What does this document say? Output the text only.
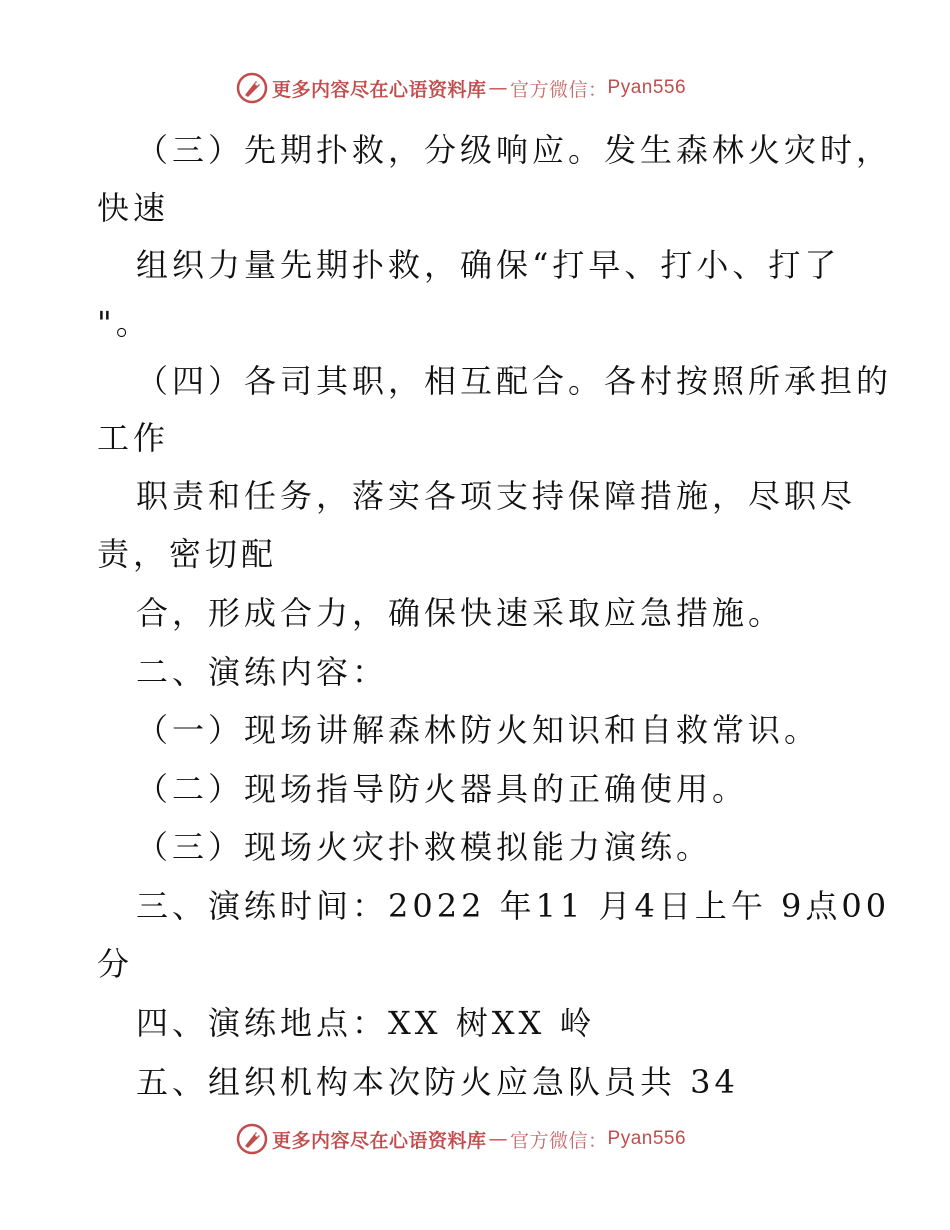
更多内容尽在心语资料库 — 官方微信： Pyan556
（三）先期扑救，分级响应。发生森林火灾时，
快速
组织力量先期扑救，确保“打早、打小、打了
"。
（四）各司其职，相互配合。各村按照所承担的
工作
职责和任务，落实各项支持保障措施，尽职尽
责，密切配
合，形成合力，确保快速采取应急措施。
二、演练内容：
（一）现场讲解森林防火知识和自救常识。
（二）现场指导防火器具的正确使用。
（三）现场火灾扑救模拟能力演练。
三、演练时间：2022 年11 月4日上午 9点00
分
四、演练地点：XX 树XX 岭
五、组织机构本次防火应急队员共 34
更多内容尽在心语资料库 — 官方微信： Pyan556
